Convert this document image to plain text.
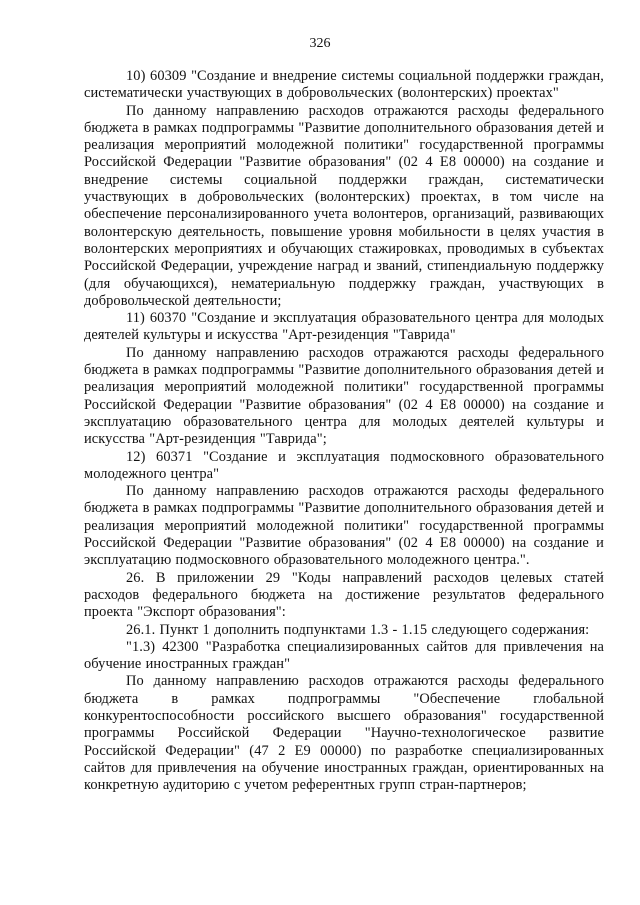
326

10) 60309 "Создание и внедрение системы социальной поддержки граждан, систематически участвующих в добровольческих (волонтерских) проектах"

По данному направлению расходов отражаются расходы федерального бюджета в рамках подпрограммы "Развитие дополнительного образования детей и реализация мероприятий молодежной политики" государственной программы Российской Федерации "Развитие образования" (02 4 Е8 00000) на создание и внедрение системы социальной поддержки граждан, систематически участвующих в добровольческих (волонтерских) проектах, в том числе на обеспечение персонализированного учета волонтеров, организаций, развивающих волонтерскую деятельность, повышение уровня мобильности в целях участия в волонтерских мероприятиях и обучающих стажировках, проводимых в субъектах Российской Федерации, учреждение наград и званий, стипендиальную поддержку (для обучающихся), нематериальную поддержку граждан, участвующих в добровольческой деятельности;

11) 60370 "Создание и эксплуатация образовательного центра для молодых деятелей культуры и искусства "Арт-резиденция "Таврида"

По данному направлению расходов отражаются расходы федерального бюджета в рамках подпрограммы "Развитие дополнительного образования детей и реализация мероприятий молодежной политики" государственной программы Российской Федерации "Развитие образования" (02 4 Е8 00000) на создание и эксплуатацию образовательного центра для молодых деятелей культуры и искусства "Арт-резиденция "Таврида";

12) 60371 "Создание и эксплуатация подмосковного образовательного молодежного центра"

По данному направлению расходов отражаются расходы федерального бюджета в рамках подпрограммы "Развитие дополнительного образования детей и реализация мероприятий молодежной политики" государственной программы Российской Федерации "Развитие образования" (02 4 Е8 00000) на создание и эксплуатацию подмосковного образовательного молодежного центра.".

26. В приложении 29 "Коды направлений расходов целевых статей расходов федерального бюджета на достижение результатов федерального проекта "Экспорт образования":

26.1. Пункт 1 дополнить подпунктами 1.3 - 1.15 следующего содержания:

"1.3) 42300 "Разработка специализированных сайтов для привлечения на обучение иностранных граждан"

По данному направлению расходов отражаются расходы федерального бюджета в рамках подпрограммы "Обеспечение глобальной конкурентоспособности российского высшего образования" государственной программы Российской Федерации "Научно-технологическое развитие Российской Федерации" (47 2 Е9 00000) по разработке специализированных сайтов для привлечения на обучение иностранных граждан, ориентированных на конкретную аудиторию с учетом референтных групп стран-партнеров;
